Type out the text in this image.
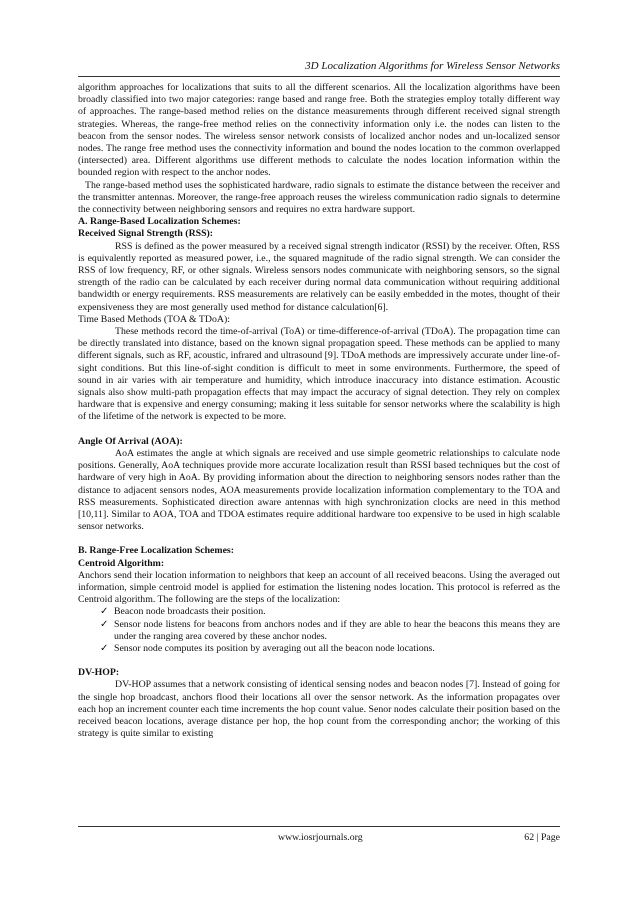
3D Localization Algorithms for Wireless Sensor Networks

algorithm approaches for localizations that suits to all the different scenarios. All the localization algorithms have been broadly classified into two major categories: range based and range free. Both the strategies employ totally different way of approaches. The range-based method relies on the distance measurements through different received signal strength strategies. Whereas, the range-free method relies on the connectivity information only i.e. the nodes can listen to the beacon from the sensor nodes. The wireless sensor network consists of localized anchor nodes and un-localized sensor nodes. The range free method uses the connectivity information and bound the nodes location to the common overlapped (intersected) area. Different algorithms use different methods to calculate the nodes location information within the bounded region with respect to the anchor nodes.

The range-based method uses the sophisticated hardware, radio signals to estimate the distance between the receiver and the transmitter antennas. Moreover, the range-free approach reuses the wireless communication radio signals to determine the connectivity between neighboring sensors and requires no extra hardware support.

A. Range-Based Localization Schemes:
Received Signal Strength (RSS):

RSS is defined as the power measured by a received signal strength indicator (RSSI) by the receiver. Often, RSS is equivalently reported as measured power, i.e., the squared magnitude of the radio signal strength. We can consider the RSS of low frequency, RF, or other signals. Wireless sensors nodes communicate with neighboring sensors, so the signal strength of the radio can be calculated by each receiver during normal data communication without requiring additional bandwidth or energy requirements. RSS measurements are relatively can be easily embedded in the motes, thought of their expensiveness they are most generally used method for distance calculation[6].

Time Based Methods (TOA & TDoA):

These methods record the time-of-arrival (ToA) or time-difference-of-arrival (TDoA). The propagation time can be directly translated into distance, based on the known signal propagation speed. These methods can be applied to many different signals, such as RF, acoustic, infrared and ultrasound [9]. TDoA methods are impressively accurate under line-of-sight conditions. But this line-of-sight condition is difficult to meet in some environments. Furthermore, the speed of sound in air varies with air temperature and humidity, which introduce inaccuracy into distance estimation. Acoustic signals also show multi-path propagation effects that may impact the accuracy of signal detection. They rely on complex hardware that is expensive and energy consuming; making it less suitable for sensor networks where the scalability is high of the lifetime of the network is expected to be more.

Angle Of Arrival (AOA):

AoA estimates the angle at which signals are received and use simple geometric relationships to calculate node positions. Generally, AoA techniques provide more accurate localization result than RSSI based techniques but the cost of hardware of very high in AoA. By providing information about the direction to neighboring sensors nodes rather than the distance to adjacent sensors nodes, AOA measurements provide localization information complementary to the TOA and RSS measurements. Sophisticated direction aware antennas with high synchronization clocks are need in this method [10,11]. Similar to AOA, TOA and TDOA estimates require additional hardware too expensive to be used in high scalable sensor networks.

B. Range-Free Localization Schemes:
Centroid Algorithm:

Anchors send their location information to neighbors that keep an account of all received beacons. Using the averaged out information, simple centroid model is applied for estimation the listening nodes location. This protocol is referred as the Centroid algorithm. The following are the steps of the localization:

✓ Beacon node broadcasts their position.
✓ Sensor node listens for beacons from anchors nodes and if they are able to hear the beacons this means they are under the ranging area covered by these anchor nodes.
✓ Sensor node computes its position by averaging out all the beacon node locations.
DV-HOP:

DV-HOP assumes that a network consisting of identical sensing nodes and beacon nodes [7]. Instead of going for the single hop broadcast, anchors flood their locations all over the sensor network. As the information propagates over each hop an increment counter each time increments the hop count value. Senor nodes calculate their position based on the received beacon locations, average distance per hop, the hop count from the corresponding anchor; the working of this strategy is quite similar to existing

www.iosrjournals.org	62 | Page
